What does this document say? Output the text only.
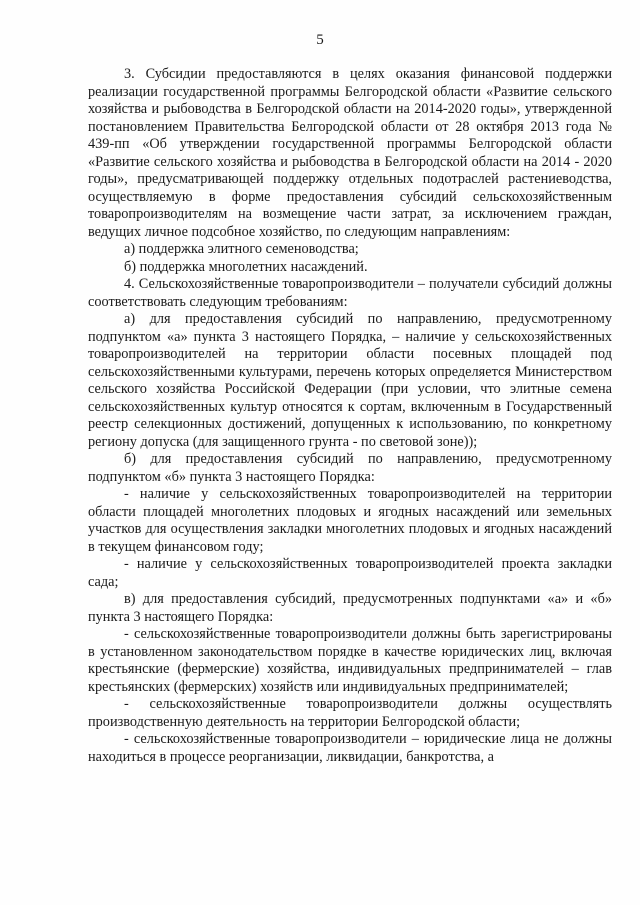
5

3. Субсидии предоставляются в целях оказания финансовой поддержки реализации государственной программы Белгородской области «Развитие сельского хозяйства и рыбоводства в Белгородской области на 2014-2020 годы», утвержденной постановлением Правительства Белгородской области от 28 октября 2013 года № 439-пп «Об утверждении государственной программы Белгородской области «Развитие сельского хозяйства и рыбоводства в Белгородской области на 2014 - 2020 годы», предусматривающей поддержку отдельных подотраслей растениеводства, осуществляемую в форме предоставления субсидий сельскохозяйственным товаропроизводителям на возмещение части затрат, за исключением граждан, ведущих личное подсобное хозяйство, по следующим направлениям:

а) поддержка элитного семеноводства;

б) поддержка многолетних насаждений.

4. Сельскохозяйственные товаропроизводители – получатели субсидий должны соответствовать следующим требованиям:

а) для предоставления субсидий по направлению, предусмотренному подпунктом «а» пункта 3 настоящего Порядка, – наличие у сельскохозяйственных товаропроизводителей на территории области посевных площадей под сельскохозяйственными культурами, перечень которых определяется Министерством сельского хозяйства Российской Федерации (при условии, что элитные семена сельскохозяйственных культур относятся к сортам, включенным в Государственный реестр селекционных достижений, допущенных к использованию, по конкретному региону допуска (для защищенного грунта - по световой зоне));

б) для предоставления субсидий по направлению, предусмотренному подпунктом «б» пункта 3 настоящего Порядка:

- наличие у сельскохозяйственных товаропроизводителей на территории области площадей многолетних плодовых и ягодных насаждений или земельных участков для осуществления закладки многолетних плодовых и ягодных насаждений в текущем финансовом году;

- наличие у сельскохозяйственных товаропроизводителей проекта закладки сада;

в) для предоставления субсидий, предусмотренных подпунктами «а» и «б» пункта 3 настоящего Порядка:

- сельскохозяйственные товаропроизводители должны быть зарегистрированы в установленном законодательством порядке в качестве юридических лиц, включая крестьянские (фермерские) хозяйства, индивидуальных предпринимателей – глав крестьянских (фермерских) хозяйств или индивидуальных предпринимателей;

- сельскохозяйственные товаропроизводители должны осуществлять производственную деятельность на территории Белгородской области;

- сельскохозяйственные товаропроизводители – юридические лица не должны находиться в процессе реорганизации, ликвидации, банкротства, а
